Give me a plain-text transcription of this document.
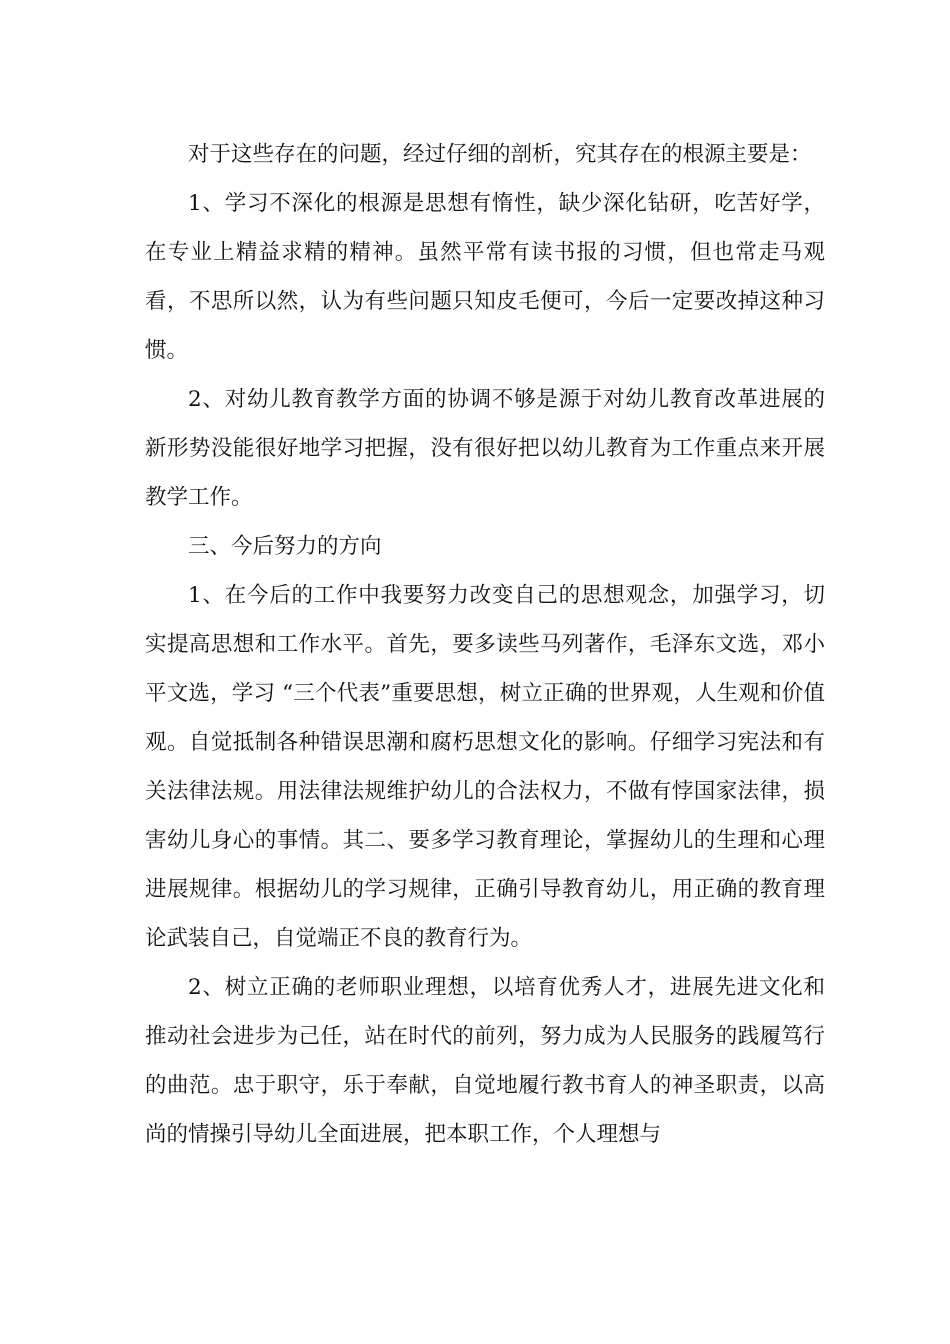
对于这些存在的问题，经过仔细的剖析，究其存在的根源主要是：

1、学习不深化的根源是思想有惰性，缺少深化钻研，吃苦好学，在专业上精益求精的精神。虽然平常有读书报的习惯，但也常走马观看，不思所以然，认为有些问题只知皮毛便可，今后一定要改掉这种习惯。

2、对幼儿教育教学方面的协调不够是源于对幼儿教育改革进展的新形势没能很好地学习把握，没有很好把以幼儿教育为工作重点来开展教学工作。

三、今后努力的方向

1、在今后的工作中我要努力改变自己的思想观念，加强学习，切实提高思想和工作水平。首先，要多读些马列著作，毛泽东文选，邓小平文选，学习 “三个代表”重要思想，树立正确的世界观，人生观和价值观。自觉抵制各种错误思潮和腐朽思想文化的影响。仔细学习宪法和有关法律法规。用法律法规维护幼儿的合法权力，不做有悖国家法律，损害幼儿身心的事情。其二、要多学习教育理论，掌握幼儿的生理和心理进展规律。根据幼儿的学习规律，正确引导教育幼儿，用正确的教育理论武装自己，自觉端正不良的教育行为。

2、树立正确的老师职业理想，以培育优秀人才，进展先进文化和推动社会进步为己任，站在时代的前列，努力成为人民服务的践履笃行的曲范。忠于职守，乐于奉献，自觉地履行教书育人的神圣职责，以高尚的情操引导幼儿全面进展，把本职工作，个人理想与
